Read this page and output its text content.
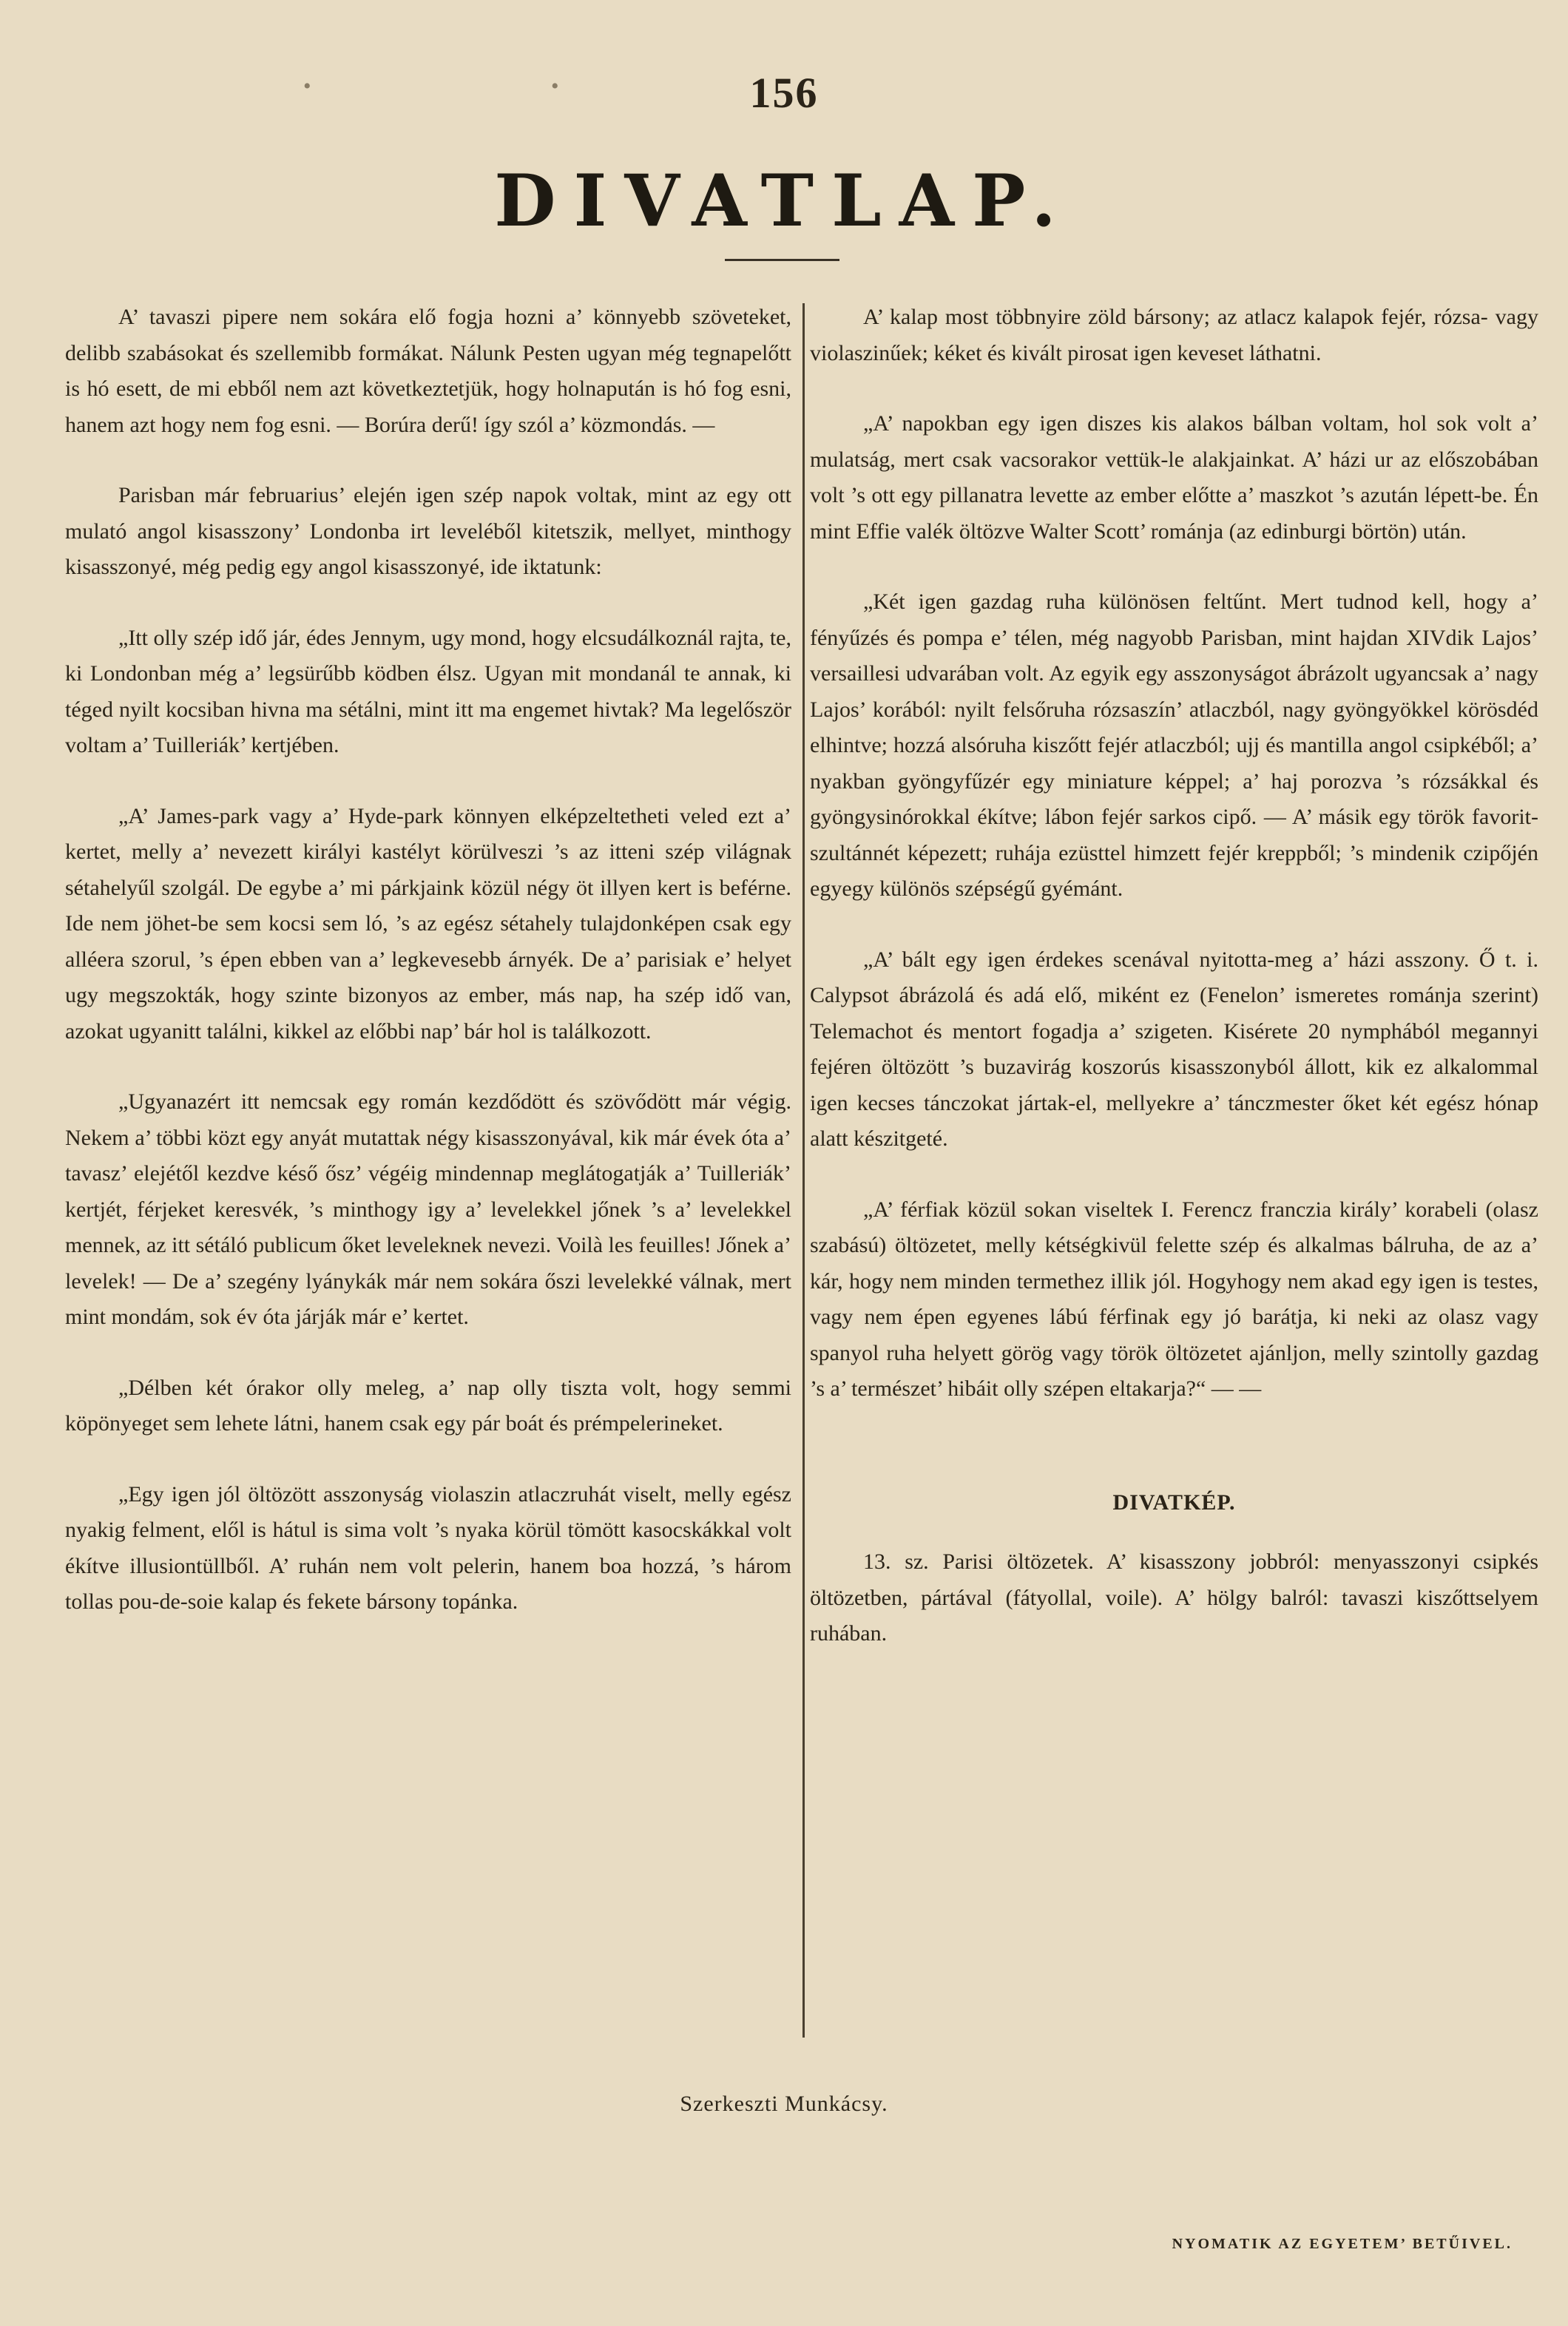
•	•	156
DIVATLAP.

A’ tavaszi pipere nem sokára elő fogja hozni a’ könnyebb szöveteket, delibb szabásokat és szellemibb formákat. Nálunk Pesten ugyan még tegnapelőtt is hó esett, de mi ebből nem azt következtetjük, hogy holnapután is hó fog esni, hanem azt hogy nem fog esni. — Borúra derű! így szól a’ közmondás. —

Parisban már februarius’ elején igen szép napok voltak, mint az egy ott mulató angol kisasszony’ Londonba irt leveléből kitetszik, mellyet, minthogy kisasszonyé, még pedig egy angol kisasszonyé, ide iktatunk:

„Itt olly szép idő jár, édes Jennym, ugy mond, hogy elcsudálkoznál rajta, te, ki Londonban még a’ legsürűbb ködben élsz. Ugyan mit mondanál te annak, ki téged nyilt kocsiban hivna ma sétálni, mint itt ma engemet hivtak? Ma legelőször voltam a’ Tuilleriák’ kertjében.

„A’ James-park vagy a’ Hyde-park könnyen elképzeltetheti veled ezt a’ kertet, melly a’ nevezett királyi kastélyt körülveszi ’s az itteni szép világnak sétahelyűl szolgál. De egybe a’ mi párkjaink közül négy öt illyen kert is beférne. Ide nem jöhet-be sem kocsi sem ló, ’s az egész sétahely tulajdonképen csak egy alléera szorul, ’s épen ebben van a’ legkevesebb árnyék. De a’ parisiak e’ helyet ugy megszokták, hogy szinte bizonyos az ember, más nap, ha szép idő van, azokat ugyanitt találni, kikkel az előbbi nap’ bár hol is találkozott.

„Ugyanazért itt nemcsak egy román kezdődött és szövődött már végig. Nekem a’ többi közt egy anyát mutattak négy kisasszonyával, kik már évek óta a’ tavasz’ elejétől kezdve késő ősz’ végéig mindennap meglátogatják a’ Tuilleriák’ kertjét, férjeket keresvék, ’s minthogy igy a’ levelekkel jőnek ’s a’ levelekkel mennek, az itt sétáló publicum őket leveleknek nevezi. Voilà les feuilles! Jőnek a’ levelek! — De a’ szegény lyánykák már nem sokára őszi levelekké válnak, mert mint mondám, sok év óta járják már e’ kertet.

„Délben két órakor olly meleg, a’ nap olly tiszta volt, hogy semmi köpönyeget sem lehete látni, hanem csak egy pár boát és prémpelerineket.

„Egy igen jól öltözött asszonyság violaszin atlaczruhát viselt, melly egész nyakig felment, elől is hátul is sima volt ’s nyaka körül tömött kasocskákkal volt ékítve illusiontüllből. A’ ruhán nem volt pelerin, hanem boa hozzá, ’s három tollas pou-de-soie kalap és fekete bársony topánka.

A’ kalap most többnyire zöld bársony; az atlacz kalapok fejér, rózsa- vagy violaszinűek; kéket és kivált pirosat igen keveset láthatni.

„A’ napokban egy igen diszes kis alakos bálban voltam, hol sok volt a’ mulatság, mert csak vacsorakor vettük-le alakjainkat. A’ házi ur az előszobában volt ’s ott egy pillanatra levette az ember előtte a’ maszkot ’s azután lépett-be. Én mint Effie valék öltözve Walter Scott’ románja (az edinburgi börtön) után.

„Két igen gazdag ruha különösen feltűnt. Mert tudnod kell, hogy a’ fényűzés és pompa e’ télen, még nagyobb Parisban, mint hajdan XIVdik Lajos’ versaillesi udvarában volt. Az egyik egy asszonyságot ábrázolt ugyancsak a’ nagy Lajos’ korából: nyilt felsőruha rózsaszín’ atlaczból, nagy gyöngyökkel körösdéd elhintve; hozzá alsóruha kiszőtt fejér atlaczból; ujj és mantilla angol csipkéből; a’ nyakban gyöngyfűzér egy miniature képpel; a’ haj porozva ’s rózsákkal és gyöngysinórokkal ékítve; lábon fejér sarkos cipő. — A’ másik egy török favorit-szultánnét képezett; ruhája ezüsttel himzett fejér kreppből; ’s mindenik czipőjén egyegy különös szépségű gyémánt.

„A’ bált egy igen érdekes scenával nyitotta-meg a’ házi asszony. Ő t. i. Calypsot ábrázolá és adá elő, miként ez (Fenelon’ ismeretes románja szerint) Telemachot és mentort fogadja a’ szigeten. Kisérete 20 nymphából megannyi fejéren öltözött ’s buzavirág koszorús kisasszonyból állott, kik ez alkalommal igen kecses tánczokat jártak-el, mellyekre a’ tánczmester őket két egész hónap alatt készitgeté.

„A’ férfiak közül sokan viseltek I. Ferencz franczia király’ korabeli (olasz szabású) öltözetet, melly kétségkivül felette szép és alkalmas bálruha, de az a’ kár, hogy nem minden termethez illik jól. Hogyhogy nem akad egy igen is testes, vagy nem épen egyenes lábú férfinak egy jó barátja, ki neki az olasz vagy spanyol ruha helyett görög vagy török öltözetet ajánljon, melly szintolly gazdag ’s a’ természet’ hibáit olly szépen eltakarja?“ — —

DIVATKÉP.

13. sz. Parisi öltözetek. A’ kisasszony jobbról: menyasszonyi csipkés öltözetben, pártával (fátyollal, voile). A’ hölgy balról: tavaszi kiszőttselyem ruhában.

Szerkeszti Munkácsy.
NYOMATIK AZ EGYETEM’ BETŰIVEL.
